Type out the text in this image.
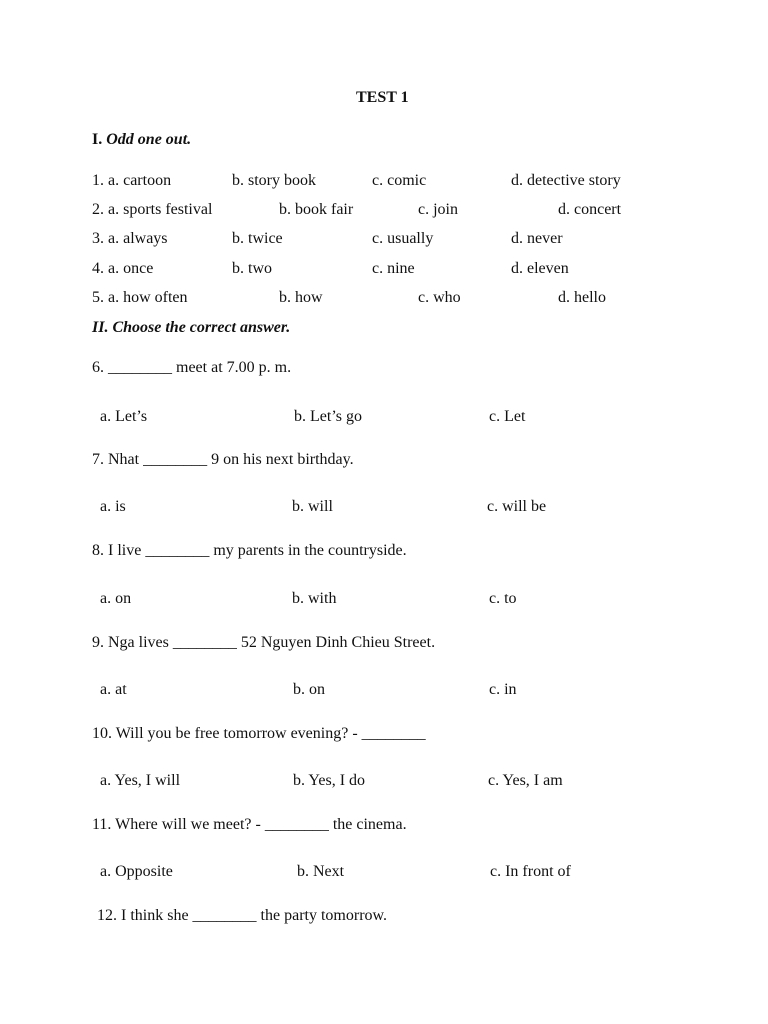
TEST 1
I. Odd one out.
1. a. cartoon	b. story book	c. comic	d. detective story
2. a. sports festival	b. book fair	c. join	d. concert
3. a. always	b. twice	c. usually	d. never
4. a. once	b. two	c. nine	d. eleven
5. a. how often	b. how	c. who	d. hello
II. Choose the correct answer.
6. ________ meet at 7.00 p. m.
a. Let’s	b. Let’s go	c. Let
7. Nhat ________ 9 on his next birthday.
a. is	b. will	c. will be
8. I live ________ my parents in the countryside.
a. on	b. with	c. to
9. Nga lives ________ 52 Nguyen Dinh Chieu Street.
a. at	b. on	c. in
10. Will you be free tomorrow evening? - ________
a. Yes, I will	b. Yes, I do	c. Yes, I am
11. Where will we meet? - ________ the cinema.
a. Opposite	b. Next	c. In front of
12. I think she ________ the party tomorrow.
